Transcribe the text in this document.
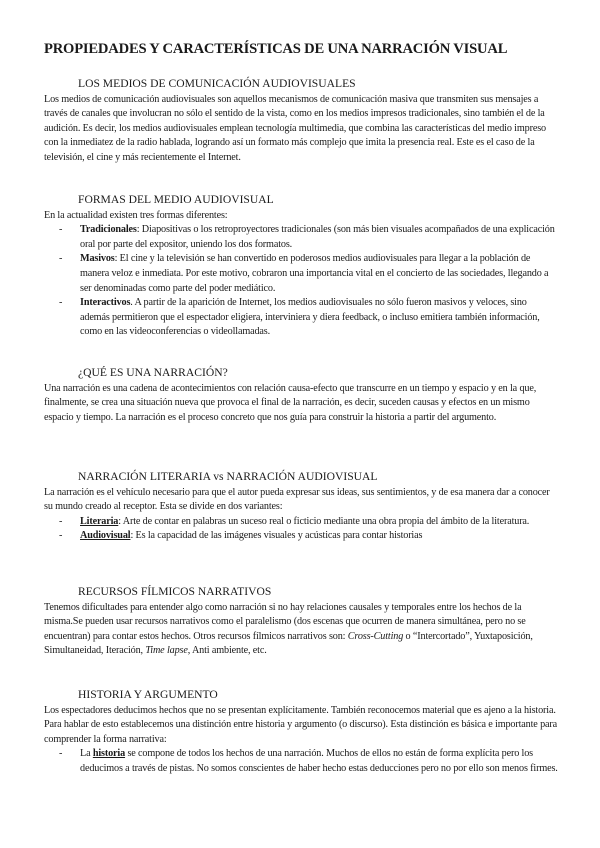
PROPIEDADES Y CARACTERÍSTICAS DE UNA NARRACIÓN VISUAL
LOS MEDIOS DE COMUNICACIÓN AUDIOVISUALES

Los medios de comunicación audiovisuales son aquellos mecanismos de comunicación masiva que transmiten sus mensajes a través de canales que involucran no sólo el sentido de la vista, como en los medios impresos tradicionales, sino también el de la audición. Es decir, los medios audiovisuales emplean tecnología multimedia, que combina las características del medio impreso con la inmediatez de la radio hablada, logrando así un formato más complejo que imita la presencia real. Este es el caso de la televisión, el cine y más recientemente el Internet.

FORMAS DEL MEDIO AUDIOVISUAL

En la actualidad existen tres formas diferentes:

- Tradicionales: Diapositivas o los retroproyectores tradicionales (son más bien visuales acompañados de una explicación oral por parte del expositor, uniendo los dos formatos.
- Masivos: El cine y la televisión se han convertido en poderosos medios audiovisuales para llegar a la población de manera veloz e inmediata. Por este motivo, cobraron una importancia vital en el concierto de las sociedades, llegando a ser denominadas como parte del poder mediático.
- Interactivos. A partir de la aparición de Internet, los medios audiovisuales no sólo fueron masivos y veloces, sino además permitieron que el espectador eligiera, interviniera y diera feedback, o incluso emitiera también información, como en las videoconferencias o videollamadas.
¿QUÉ ES UNA NARRACIÓN?

Una narración es una cadena de acontecimientos con relación causa-efecto que transcurre en un tiempo y espacio y en la que, finalmente, se crea una situación nueva que provoca el final de la narración, es decir, suceden causas y efectos en un mismo espacio y tiempo. La narración es el proceso concreto que nos guía para construir la historia a partir del argumento.

NARRACIÓN LITERARIA vs NARRACIÓN AUDIOVISUAL

La narración es el vehículo necesario para que el autor pueda expresar sus ideas, sus sentimientos, y de esa manera dar a conocer su mundo creado al receptor. Esta se divide en dos variantes:

- Literaria: Arte de contar en palabras un suceso real o ficticio mediante una obra propia del ámbito de la literatura.
- Audiovisual: Es la capacidad de las imágenes visuales y acústicas para contar historias
RECURSOS FÍLMICOS NARRATIVOS

Tenemos dificultades para entender algo como narración si no hay relaciones causales y temporales entre los hechos de la misma.Se pueden usar recursos narrativos como el paralelismo (dos escenas que ocurren de manera simultánea, pero no se encuentran) para contar estos hechos. Otros recursos fílmicos narrativos son: Cross-Cutting o “Intercortado”, Yuxtaposición, Simultaneidad, Iteración, Time lapse, Anti ambiente, etc.

HISTORIA Y ARGUMENTO

Los espectadores deducimos hechos que no se presentan explícitamente. También reconocemos material que es ajeno a la historia. Para hablar de esto establecemos una distinción entre historia y argumento (o discurso). Esta distinción es básica e importante para comprender la forma narrativa:

- La historia se compone de todos los hechos de una narración. Muchos de ellos no están de forma explícita pero los deducimos a través de pistas. No somos conscientes de haber hecho estas deducciones pero no por ello son menos firmes.
